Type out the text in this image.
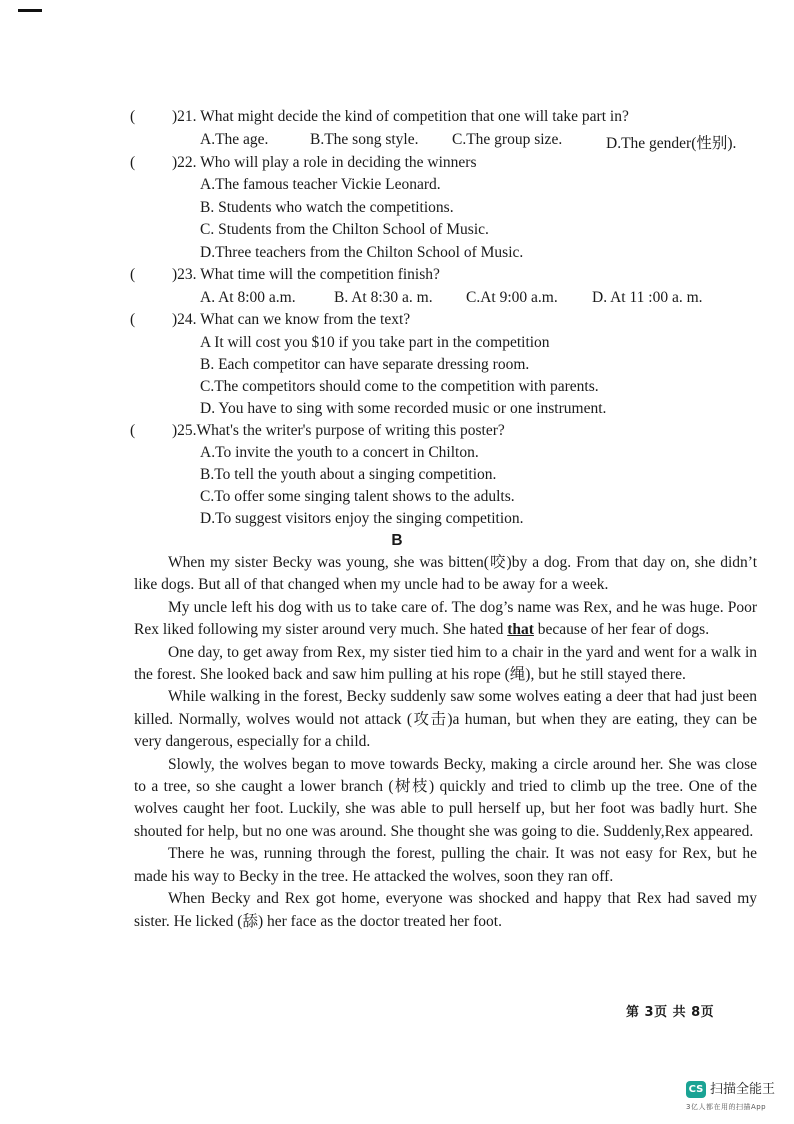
( )21. What might decide the kind of competition that one will take part in?
A.The age.	B.The song style. C.The group size.	D.The gender(性别).
( )22. Who will play a role in deciding the winners
A.The famous teacher Vickie Leonard.
B. Students who watch the competitions.
C. Students from the Chilton School of Music.
D.Three teachers from the Chilton School of Music.
( )23. What time will the competition finish?
A. At 8:00 a.m. B. At 8:30 a. m. C.At 9:00 a.m. D. At 11 :00 a. m.
( )24. What can we know from the text?
A It will cost you $10 if you take part in the competition
B. Each competitor can have separate dressing room.
C.The competitors should come to the competition with parents.
D. You have to sing with some recorded music or one instrument.
( )25.What's the writer's purpose of writing this poster?
A.To invite the youth to a concert in Chilton.
B.To tell the youth about a singing competition.
C.To offer some singing talent shows to the adults.
D.To suggest visitors enjoy the singing competition.
B

When my sister Becky was young, she was bitten(咬)by a dog. From that day on, she didn’t like dogs. But all of that changed when my uncle had to be away for a week.

My uncle left his dog with us to take care of. The dog’s name was Rex, and he was huge. Poor Rex liked following my sister around very much. She hated that because of her fear of dogs.

One day, to get away from Rex, my sister tied him to a chair in the yard and went for a walk in the forest. She looked back and saw him pulling at his rope (绳), but he still stayed there.

While walking in the forest, Becky suddenly saw some wolves eating a deer that had just been killed. Normally, wolves would not attack (攻击)a human, but when they are eating, they can be very dangerous, especially for a child.

Slowly, the wolves began to move towards Becky, making a circle around her. She was close to a tree, so she caught a lower branch (树枝) quickly and tried to climb up the tree. One of the wolves caught her foot. Luckily, she was able to pull herself up, but her foot was badly hurt. She shouted for help, but no one was around. She thought she was going to die. Suddenly,Rex appeared.

There he was, running through the forest, pulling the chair. It was not easy for Rex, but he made his way to Becky in the tree. He attacked the wolves, soon they ran off.

When Becky and Rex got home, everyone was shocked and happy that Rex had saved my sister. He licked (舔) her face as the doctor treated her foot.

第 3页 共 8页
CS 扫描全能王
3亿人都在用的扫描App
